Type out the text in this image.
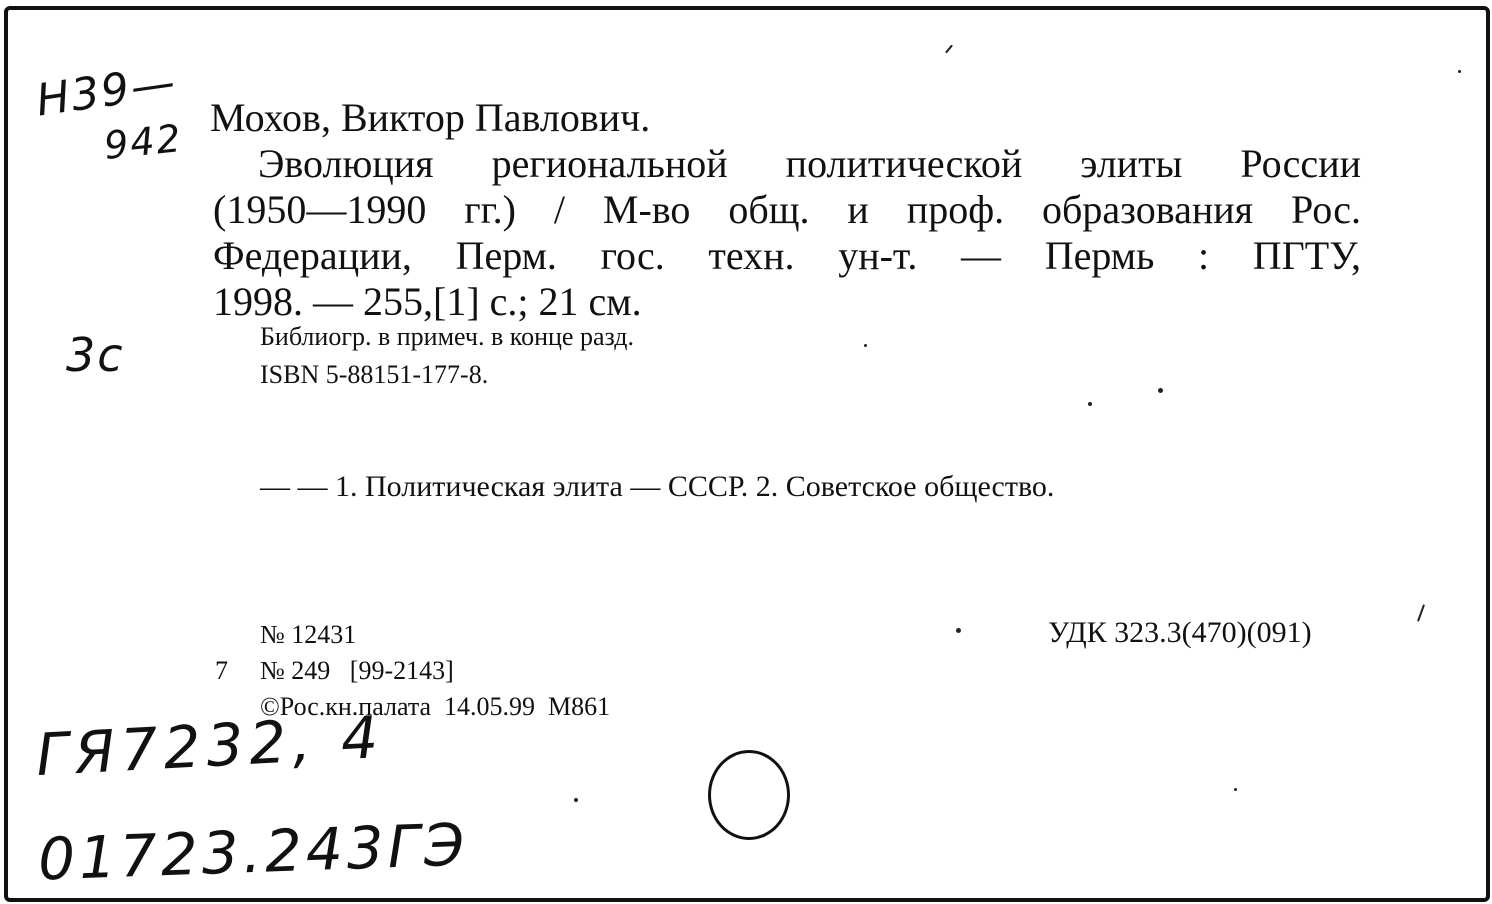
Н39—
942
3с
ГЯ7232, 4
01723.243ГЭ
Мохов, Виктор Павлович.
Эволюция региональной политической элиты России
(1950—1990 гг.) / М-во общ. и проф. образования Рос.
Федерации, Перм. гос. техн. ун-т. — Пермь : ПГТУ,
1998. — 255,[1] с.; 21 см.
Библиогр. в примеч. в конце разд.
ISBN 5-88151-177-8.
— — 1. Политическая элита — СССР. 2. Советское общество.
№ 12431	УДК 323.3(470)(091)
7 № 249   [99-2143]
©Рос.кн.палата  14.05.99  М861
